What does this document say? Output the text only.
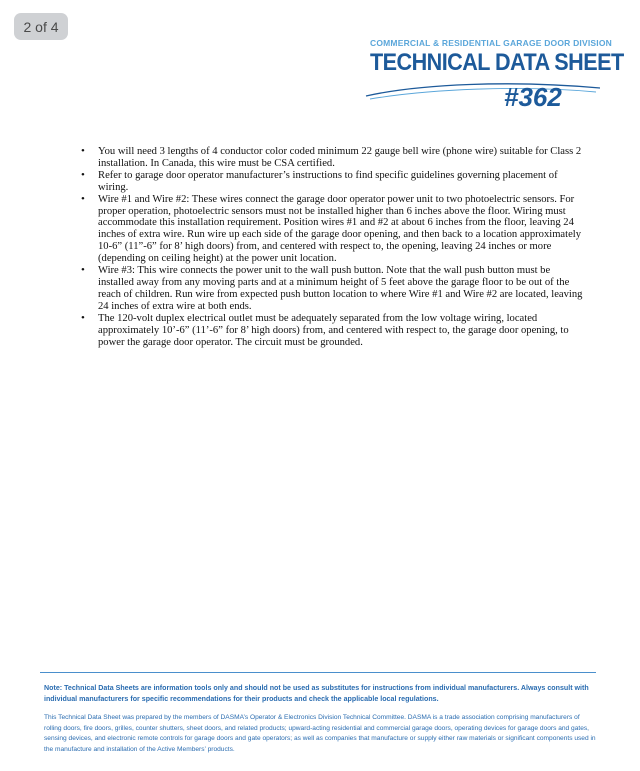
2 of 4
COMMERCIAL & RESIDENTIAL GARAGE DOOR DIVISION
TECHNICAL DATA SHEET
#362
• You will need 3 lengths of 4 conductor color coded minimum 22 gauge bell wire (phone wire) suitable for Class 2 installation. In Canada, this wire must be CSA certified.
• Refer to garage door operator manufacturer’s instructions to find specific guidelines governing placement of wiring.
• Wire #1 and Wire #2: These wires connect the garage door operator power unit to two photoelectric sensors. For proper operation, photoelectric sensors must not be installed higher than 6 inches above the floor. Wiring must accommodate this installation requirement. Position wires #1 and #2 at about 6 inches from the floor, leaving 24 inches of extra wire. Run wire up each side of the garage door opening, and then back to a location approximately 10-6” (11”-6” for 8’ high doors) from, and centered with respect to, the opening, leaving 24 inches or more (depending on ceiling height) at the power unit location.
• Wire #3: This wire connects the power unit to the wall push button. Note that the wall push button must be installed away from any moving parts and at a minimum height of 5 feet above the garage floor to be out of the reach of children. Run wire from expected push button location to where Wire #1 and Wire #2 are located, leaving 24 inches of extra wire at both ends.
• The 120-volt duplex electrical outlet must be adequately separated from the low voltage wiring, located approximately 10’-6” (11’-6” for 8’ high doors) from, and centered with respect to, the garage door opening, to power the garage door operator. The circuit must be grounded.
Note: Technical Data Sheets are information tools only and should not be used as substitutes for instructions from individual manufacturers. Always consult with individual manufacturers for specific recommendations for their products and check the applicable local regulations.
This Technical Data Sheet was prepared by the members of DASMA’s Operator & Electronics Division Technical Committee. DASMA is a trade association comprising manufacturers of rolling doors, fire doors, grilles, counter shutters, sheet doors, and related products; upward-acting residential and commercial garage doors, operating devices for garage doors and gates, sensing devices, and electronic remote controls for garage doors and gate operators; as well as companies that manufacture or supply either raw materials or significant components used in the manufacture and installation of the Active Members’ products.
